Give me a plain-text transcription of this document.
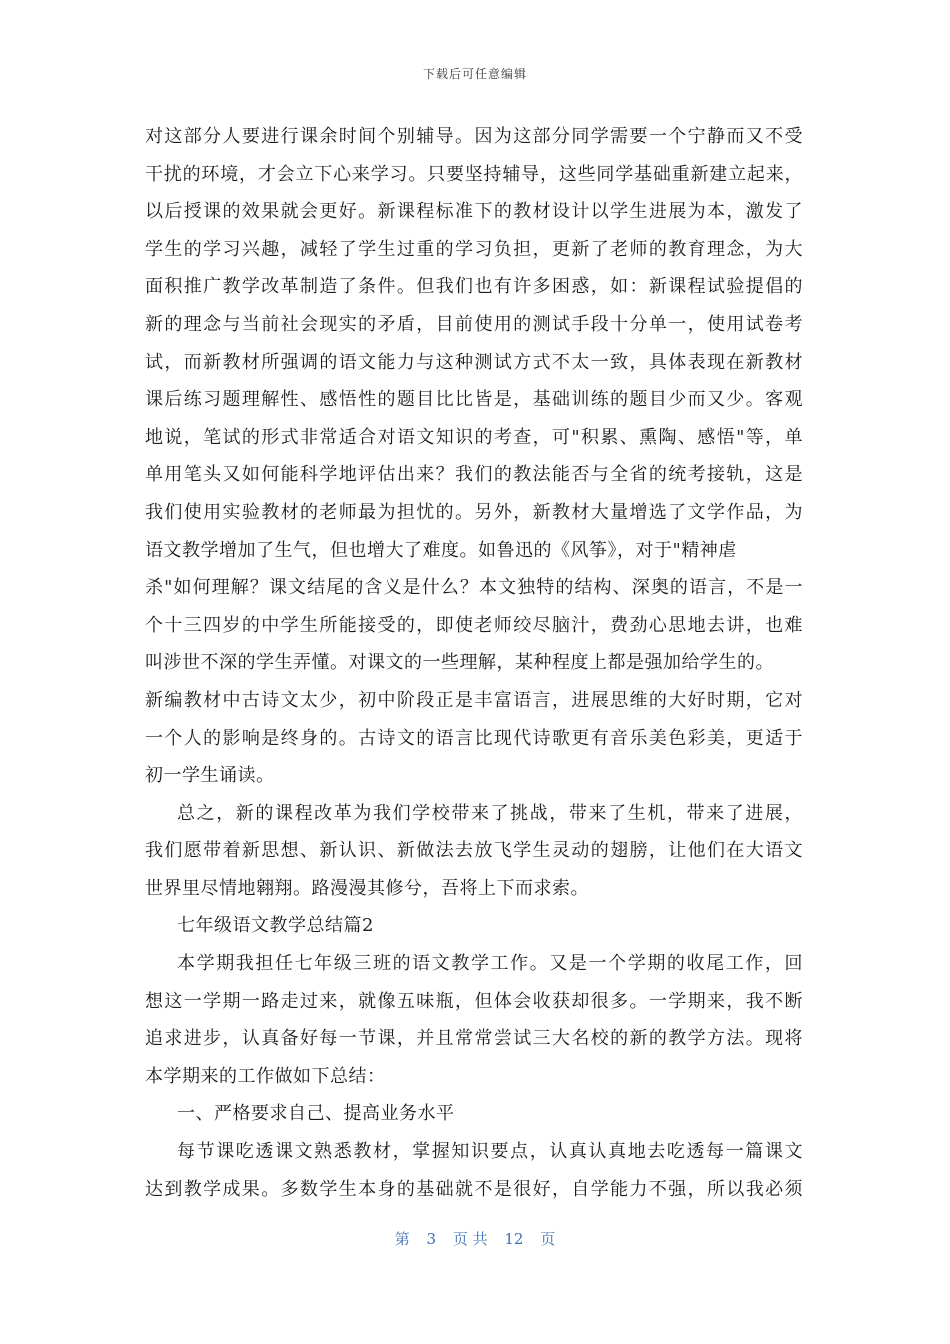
下载后可任意编辑
对这部分人要进行课余时间个别辅导。因为这部分同学需要一个宁静而又不受
干扰的环境，才会立下心来学习。只要坚持辅导，这些同学基础重新建立起来，
以后授课的效果就会更好。新课程标准下的教材设计以学生进展为本，激发了
学生的学习兴趣，减轻了学生过重的学习负担，更新了老师的教育理念，为大
面积推广教学改革制造了条件。但我们也有许多困惑，如：新课程试验提倡的
新的理念与当前社会现实的矛盾，目前使用的测试手段十分单一，使用试卷考
试，而新教材所强调的语文能力与这种测试方式不太一致，具体表现在新教材
课后练习题理解性、感悟性的题目比比皆是，基础训练的题目少而又少。客观
地说，笔试的形式非常适合对语文知识的考查，可"积累、熏陶、感悟"等，单
单用笔头又如何能科学地评估出来？我们的教法能否与全省的统考接轨，这是
我们使用实验教材的老师最为担忧的。另外，新教材大量增选了文学作品，为
语文教学增加了生气，但也增大了难度。如鲁迅的《风筝》，对于"精神虐
杀"如何理解？课文结尾的含义是什么？本文独特的结构、深奥的语言，不是一
个十三四岁的中学生所能接受的，即使老师绞尽脑汁，费劲心思地去讲，也难
叫涉世不深的学生弄懂。对课文的一些理解，某种程度上都是强加给学生的。
新编教材中古诗文太少，初中阶段正是丰富语言，进展思维的大好时期，它对
一个人的影响是终身的。古诗文的语言比现代诗歌更有音乐美色彩美，更适于
初一学生诵读。
总之，新的课程改革为我们学校带来了挑战，带来了生机，带来了进展，
我们愿带着新思想、新认识、新做法去放飞学生灵动的翅膀，让他们在大语文
世界里尽情地翱翔。路漫漫其修兮，吾将上下而求索。
七年级语文教学总结篇2
本学期我担任七年级三班的语文教学工作。又是一个学期的收尾工作，回
想这一学期一路走过来，就像五味瓶，但体会收获却很多。一学期来，我不断
追求进步，认真备好每一节课，并且常常尝试三大名校的新的教学方法。现将
本学期来的工作做如下总结：
一、严格要求自己、提高业务水平
每节课吃透课文熟悉教材，掌握知识要点，认真认真地去吃透每一篇课文
达到教学成果。多数学生本身的基础就不是很好，自学能力不强，所以我必须
第 3 页 共 12 页
